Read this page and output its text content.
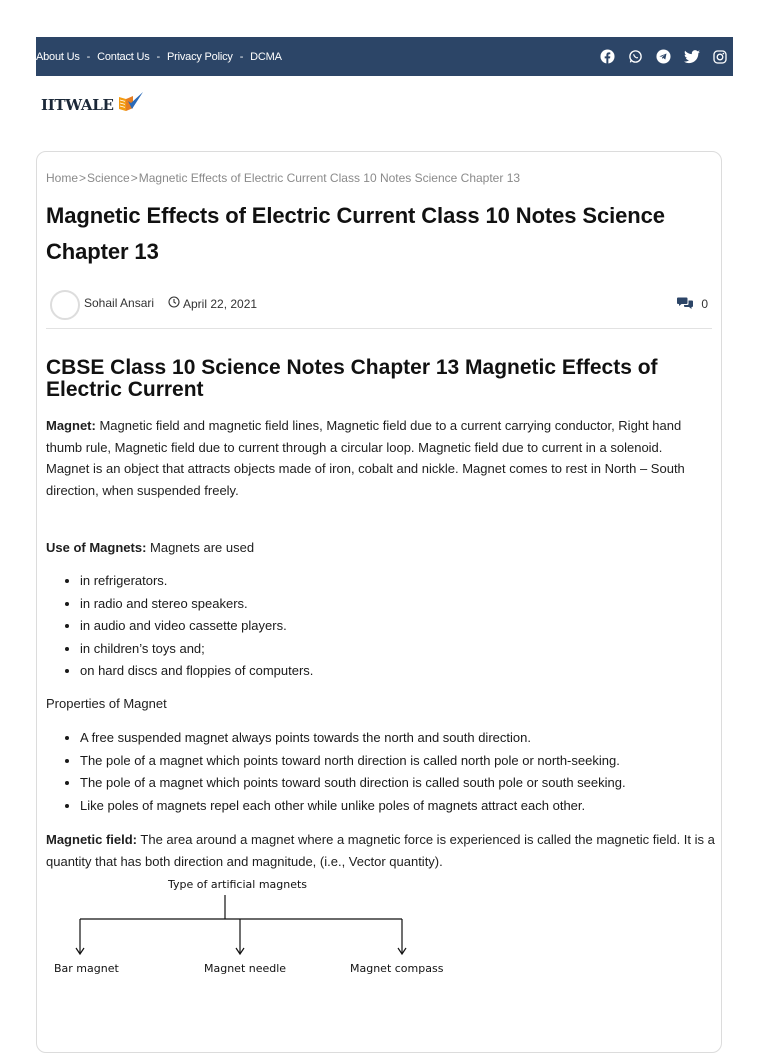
About Us - Contact Us - Privacy Policy - DCMA
IITWALE
Home>Science>Magnetic Effects of Electric Current Class 10 Notes Science Chapter 13
Magnetic Effects of Electric Current Class 10 Notes Science Chapter 13
Sohail Ansari April 22, 2021	0
CBSE Class 10 Science Notes Chapter 13 Magnetic Effects of Electric Current
Magnet: Magnetic field and magnetic field lines, Magnetic field due to a current carrying conductor, Right hand thumb rule, Magnetic field due to current through a circular loop. Magnetic field due to current in a solenoid.
Magnet is an object that attracts objects made of iron, cobalt and nickle. Magnet comes to rest in North – South direction, when suspended freely.
Use of Magnets: Magnets are used
• in refrigerators.
• in radio and stereo speakers.
• in audio and video cassette players.
• in children’s toys and;
• on hard discs and floppies of computers.
Properties of Magnet
• A free suspended magnet always points towards the north and south direction.
• The pole of a magnet which points toward north direction is called north pole or north-seeking.
• The pole of a magnet which points toward south direction is called south pole or south seeking.
• Like poles of magnets repel each other while unlike poles of magnets attract each other.
Magnetic field: The area around a magnet where a magnetic force is experienced is called the magnetic field. It is a quantity that has both direction and magnitude, (i.e., Vector quantity).
Type of artificial magnets
Bar magnet	Magnet needle	Magnet compass
